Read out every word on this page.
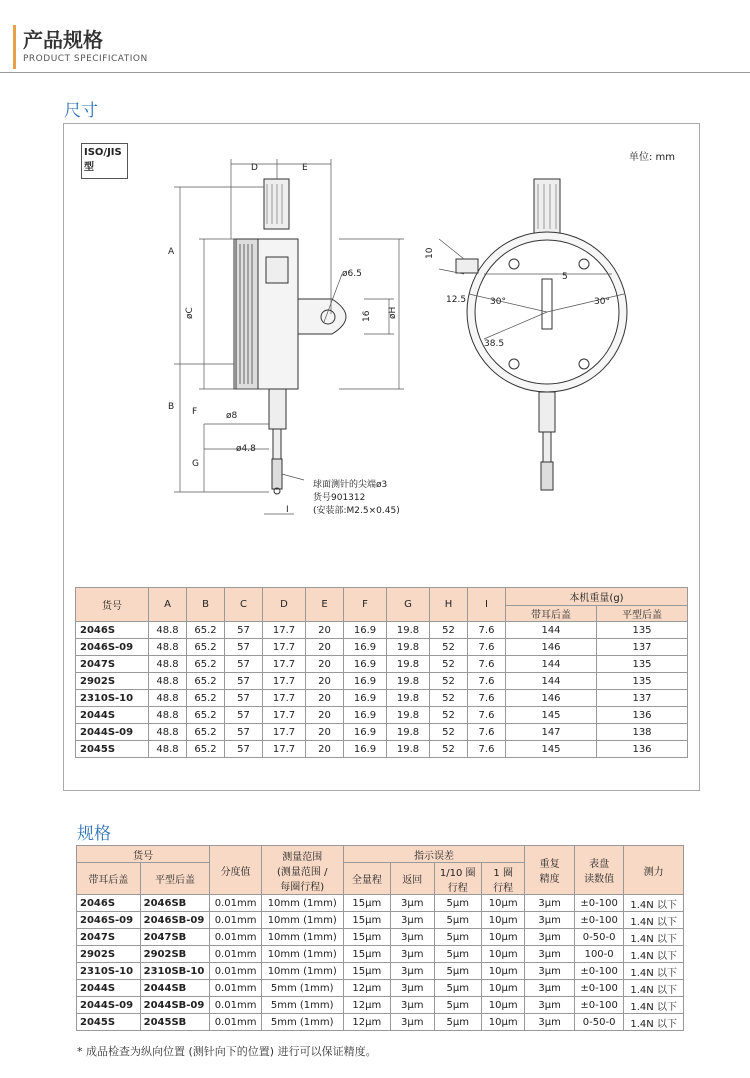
产品规格
PRODUCT SPECIFICATION
尺寸
ISO/JIS
型
单位: mm
D	E
A
B
øC
F
G
øH
16
ø6.5
ø8
ø4.8
I
球面测针的尖端ø3
货号901312
(安装部:M2.5×0.45)
10
12.5	30°	30°
5
38.5
货号	A	B	C	D	E	F	G	H	I	本机重量(g)	
										带耳后盖	平型后盖
2046S	48.8	65.2	57	17.7	20	16.9	19.8	52	7.6	144	135
2046S-09	48.8	65.2	57	17.7	20	16.9	19.8	52	7.6	146	137
2047S	48.8	65.2	57	17.7	20	16.9	19.8	52	7.6	144	135
2902S	48.8	65.2	57	17.7	20	16.9	19.8	52	7.6	144	135
2310S-10	48.8	65.2	57	17.7	20	16.9	19.8	52	7.6	146	137
2044S	48.8	65.2	57	17.7	20	16.9	19.8	52	7.6	145	136
2044S-09	48.8	65.2	57	17.7	20	16.9	19.8	52	7.6	147	138
2045S	48.8	65.2	57	17.7	20	16.9	19.8	52	7.6	145	136
规格
货号		分度值	测量范围
(测量范围 /
每圈行程)	指示误差				重复
精度	表盘
读数值	测力
带耳后盖	平型后盖			全量程	返回	1/10 圈
行程	1 圈
行程			
2046S	2046SB	0.01mm	10mm (1mm)	15µm	3µm	5µm	10µm	3µm	±0-100	1.4N 以下
2046S-09	2046SB-09	0.01mm	10mm (1mm)	15µm	3µm	5µm	10µm	3µm	±0-100	1.4N 以下
2047S	2047SB	0.01mm	10mm (1mm)	15µm	3µm	5µm	10µm	3µm	0-50-0	1.4N 以下
2902S	2902SB	0.01mm	10mm (1mm)	15µm	3µm	5µm	10µm	3µm	100-0	1.4N 以下
2310S-10	2310SB-10	0.01mm	10mm (1mm)	15µm	3µm	5µm	10µm	3µm	±0-100	1.4N 以下
2044S	2044SB	0.01mm	5mm (1mm)	12µm	3µm	5µm	10µm	3µm	±0-100	1.4N 以下
2044S-09	2044SB-09	0.01mm	5mm (1mm)	12µm	3µm	5µm	10µm	3µm	±0-100	1.4N 以下
2045S	2045SB	0.01mm	5mm (1mm)	12µm	3µm	5µm	10µm	3µm	0-50-0	1.4N 以下
* 成品检查为纵向位置 (测针向下的位置) 进行可以保证精度。
